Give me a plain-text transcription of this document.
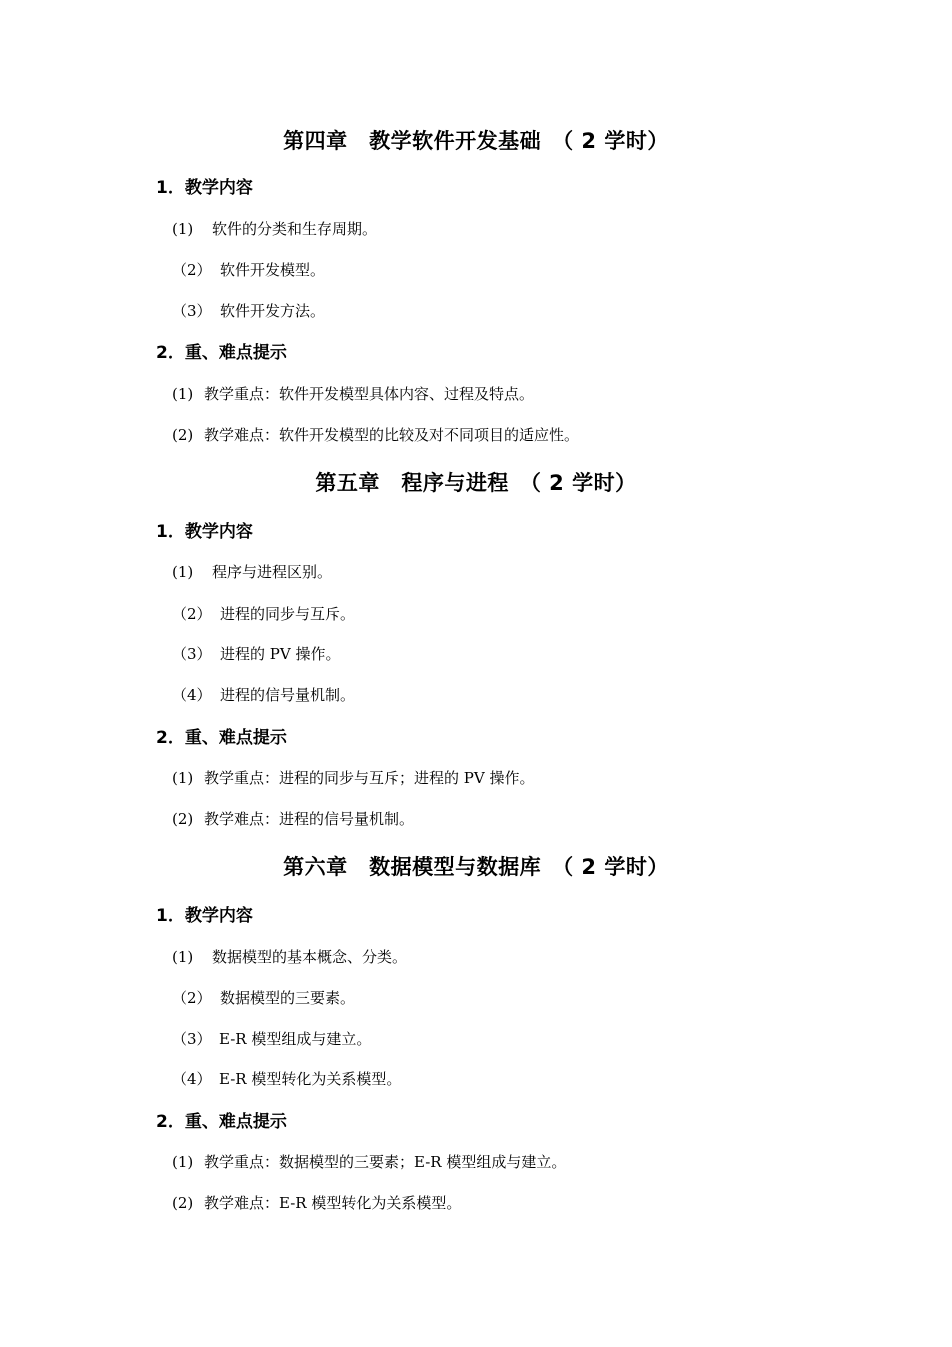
第四章　教学软件开发基础　（ 2 学时）
1．教学内容
(1) 软件的分类和生存周期。
（2） 软件开发模型。
（3） 软件开发方法。
2．重、难点提示
(1) 教学重点：软件开发模型具体内容、过程及特点。
(2) 教学难点：软件开发模型的比较及对不同项目的适应性。
第五章　程序与进程　（ 2 学时）
1．教学内容
(1) 程序与进程区别。
（2） 进程的同步与互斥。
（3） 进程的 PV 操作。
（4） 进程的信号量机制。
2．重、难点提示
(1) 教学重点：进程的同步与互斥；进程的 PV 操作。
(2) 教学难点：进程的信号量机制。
第六章　数据模型与数据库　（ 2 学时）
1．教学内容
(1) 数据模型的基本概念、分类。
（2） 数据模型的三要素。
（3） E-R 模型组成与建立。
（4） E-R 模型转化为关系模型。
2．重、难点提示
(1) 教学重点：数据模型的三要素；E-R 模型组成与建立。
(2) 教学难点：E-R 模型转化为关系模型。
